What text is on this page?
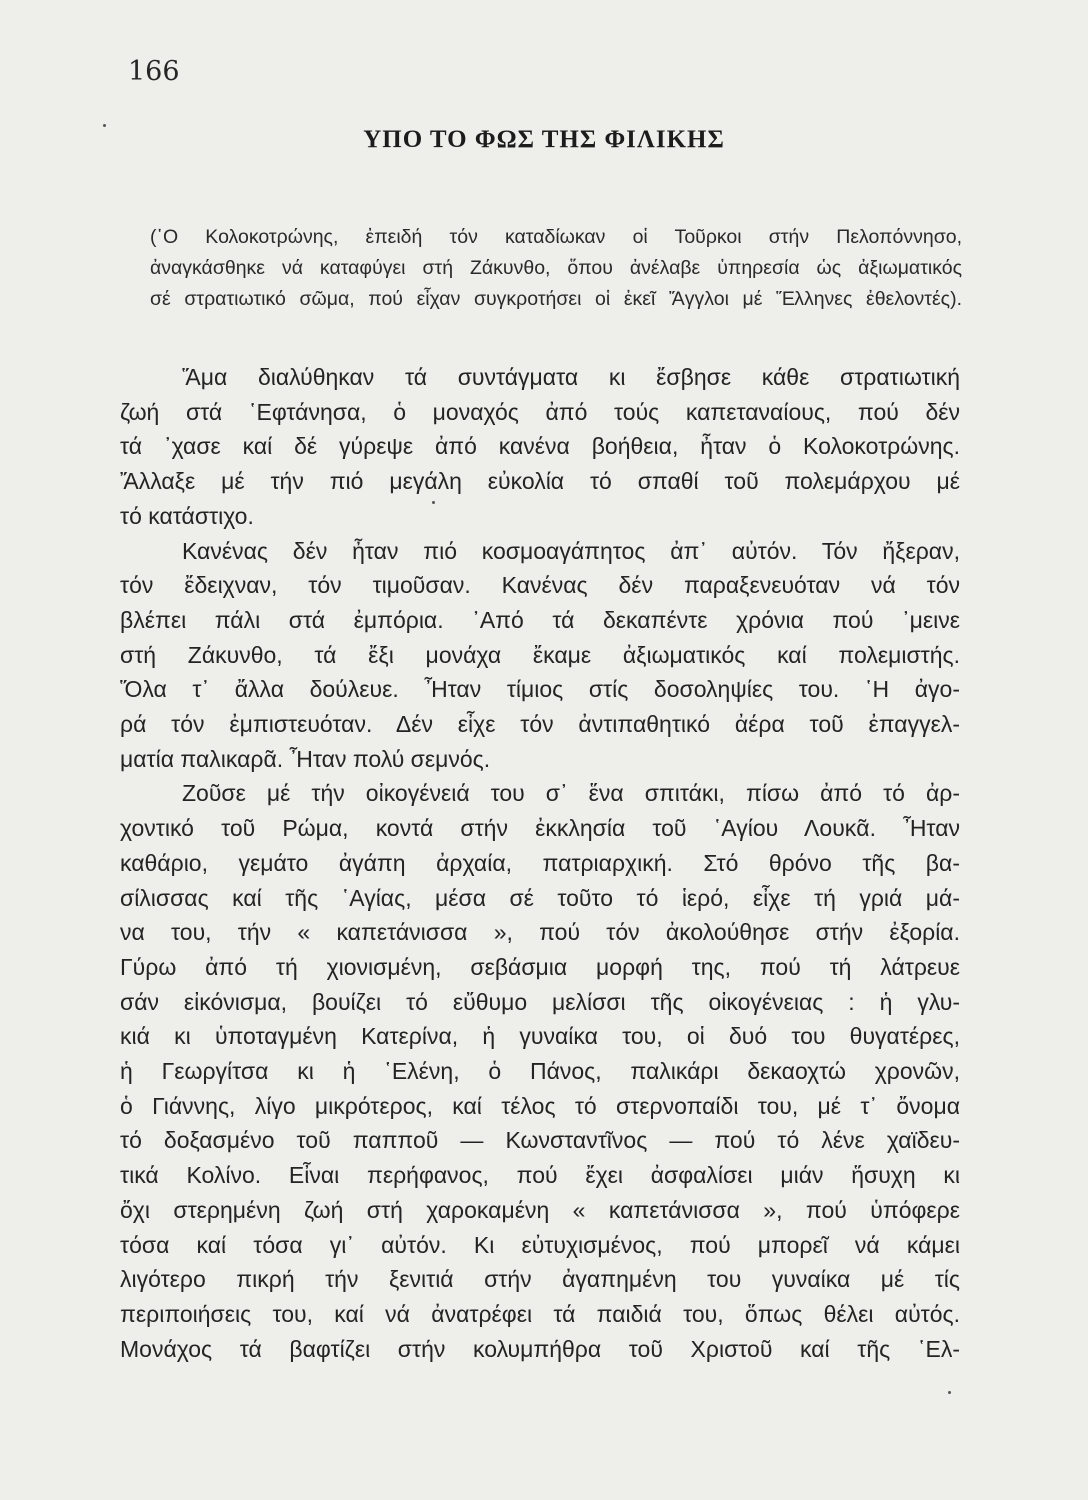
166
ΥΠΟ ΤΟ ΦΩΣ ΤΗΣ ΦΙΛΙΚΗΣ
(῾Ο Κολοκοτρώνης, ἐπειδή τόν καταδίωκαν οἱ Τοῦρκοι στήν Πελοπόννησο,
ἀναγκάσθηκε νά καταφύγει στή Ζάκυνθο, ὅπου ἀνέλαβε ὑπηρεσία ὡς ἀξιωματικός
σέ στρατιωτικό σῶμα, πού εἶχαν συγκροτήσει οἱ ἐκεῖ Ἄγγλοι μέ Ἕλληνες ἐθελοντές).
Ἅμα διαλύθηκαν τά συντάγματα κι ἔσβησε κάθε στρατιωτική
ζωή στά ῾Εφτάνησα, ὁ μοναχός ἀπό τούς καπεταναίους, πού δέν
τά ᾽χασε καί δέ γύρεψε ἀπό κανένα βοήθεια, ἦταν ὁ Κολοκοτρώνης.
Ἄλλαξε μέ τήν πιό μεγάλη εὐκολία τό σπαθί τοῦ πολεμάρχου μέ
τό κατάστιχο.
Κανένας δέν ἦταν πιό κοσμοαγάπητος ἀπ᾽ αὐτόν. Τόν ἤξεραν,
τόν ἔδειχναν, τόν τιμοῦσαν. Κανένας δέν παραξενευόταν νά τόν
βλέπει πάλι στά ἐμπόρια. ᾽Από τά δεκαπέντε χρόνια πού ᾽μεινε
στή Ζάκυνθο, τά ἔξι μονάχα ἔκαμε ἀξιωματικός καί πολεμιστής.
Ὅλα τ᾽ ἄλλα δούλευε. Ἦταν τίμιος στίς δοσοληψίες του. ῾Η ἀγο-
ρά τόν ἐμπιστευόταν. Δέν εἶχε τόν ἀντιπαθητικό ἀέρα τοῦ ἐπαγγελ-
ματία παλικαρᾶ. Ἦταν πολύ σεμνός.
Ζοῦσε μέ τήν οἰκογένειά του σ᾽ ἕνα σπιτάκι, πίσω ἀπό τό ἀρ-
χοντικό τοῦ Ρώμα, κοντά στήν ἐκκλησία τοῦ ῾Αγίου Λουκᾶ. Ἦταν
καθάριο, γεμάτο ἀγάπη ἀρχαία, πατριαρχική. Στό θρόνο τῆς βα-
σίλισσας καί τῆς ῾Αγίας, μέσα σέ τοῦτο τό ἱερό, εἶχε τή γριά μά-
να του, τήν « καπετάνισσα », πού τόν ἀκολούθησε στήν ἐξορία.
Γύρω ἀπό τή χιονισμένη, σεβάσμια μορφή της, πού τή λάτρευε
σάν εἰκόνισμα, βουίζει τό εὔθυμο μελίσσι τῆς οἰκογένειας : ἡ γλυ-
κιά κι ὑποταγμένη Κατερίνα, ἡ γυναίκα του, οἱ δυό του θυγατέρες,
ἡ Γεωργίτσα κι ἡ ῾Ελένη, ὁ Πάνος, παλικάρι δεκαοχτώ χρονῶν,
ὁ Γιάννης, λίγο μικρότερος, καί τέλος τό στερνοπαίδι του, μέ τ᾽ ὄνομα
τό δοξασμένο τοῦ παπποῦ — Κωνσταντῖνος — πού τό λένε χαϊδευ-
τικά Κολίνο. Εἶναι περήφανος, πού ἔχει ἀσφαλίσει μιάν ἥσυχη κι
ὄχι στερημένη ζωή στή χαροκαμένη « καπετάνισσα », πού ὑπόφερε
τόσα καί τόσα γι᾽ αὐτόν. Κι εὐτυχισμένος, πού μπορεῖ νά κάμει
λιγότερο πικρή τήν ξενιτιά στήν ἀγαπημένη του γυναίκα μέ τίς
περιποιήσεις του, καί νά ἀνατρέφει τά παιδιά του, ὅπως θέλει αὐτός.
Μονάχος τά βαφτίζει στήν κολυμπήθρα τοῦ Χριστοῦ καί τῆς ῾Ελ-
